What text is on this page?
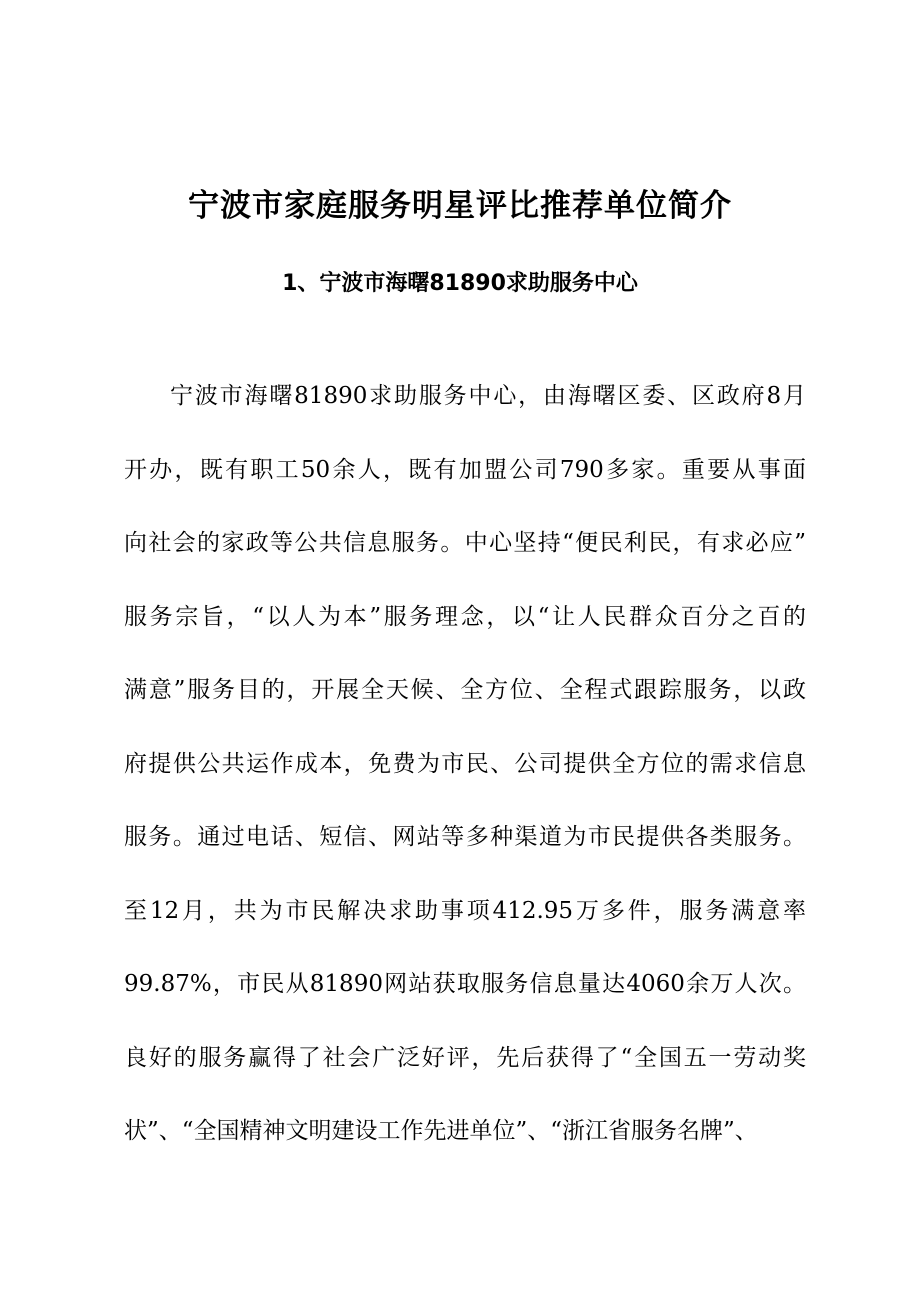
宁波市家庭服务明星评比推荐单位简介
1、宁波市海曙81890求助服务中心
宁波市海曙81890求助服务中心，由海曙区委、区政府8月
开办，既有职工50余人，既有加盟公司790多家。重要从事面
向社会的家政等公共信息服务。中心坚持“便民利民，有求必应”
服务宗旨，“以人为本”服务理念，以“让人民群众百分之百的
满意”服务目的，开展全天候、全方位、全程式跟踪服务，以政
府提供公共运作成本，免费为市民、公司提供全方位的需求信息
服务。通过电话、短信、网站等多种渠道为市民提供各类服务。
至12月，共为市民解决求助事项412.95万多件，服务满意率
99.87%，市民从81890网站获取服务信息量达4060余万人次。
良好的服务赢得了社会广泛好评，先后获得了“全国五一劳动奖
状”、“全国精神文明建设工作先进单位”、“浙江省服务名牌”、
